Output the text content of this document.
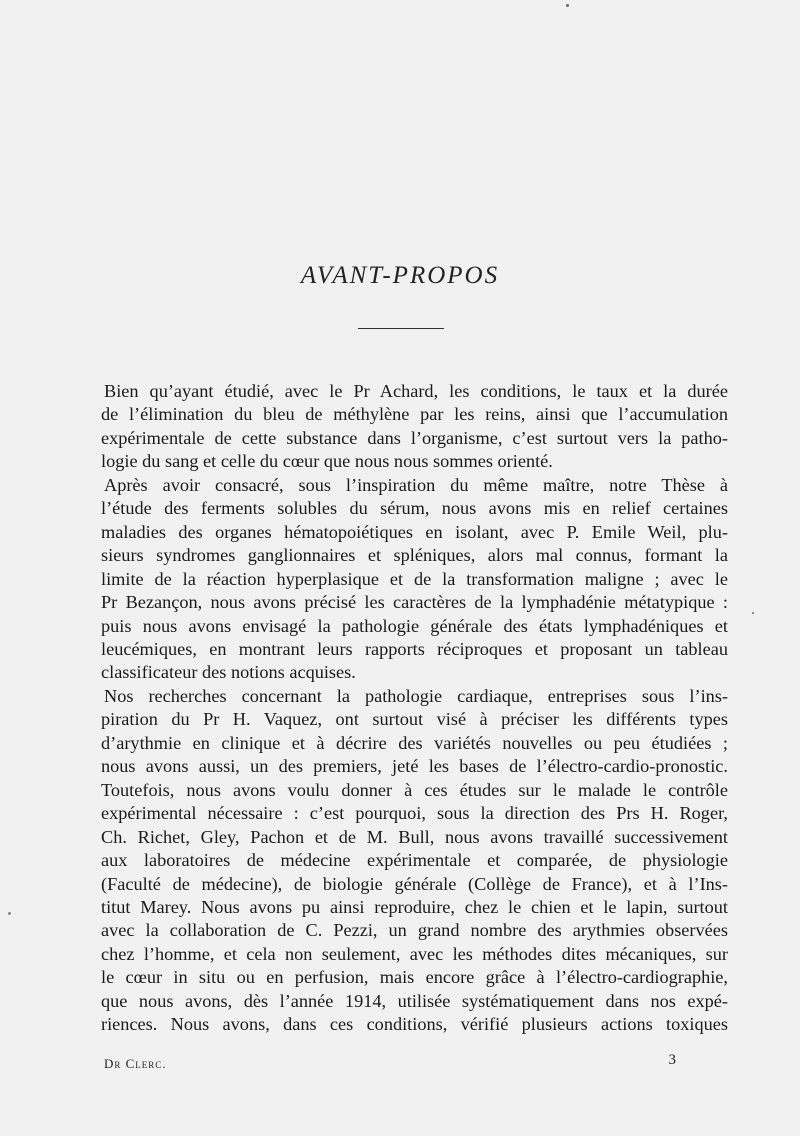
AVANT-PROPOS
Bien qu’ayant étudié, avec le Pr Achard, les conditions, le taux et la durée
de l’élimination du bleu de méthylène par les reins, ainsi que l’accumulation
expérimentale de cette substance dans l’organisme, c’est surtout vers la patho-
logie du sang et celle du cœur que nous nous sommes orienté.
Après avoir consacré, sous l’inspiration du même maître, notre Thèse à
l’étude des ferments solubles du sérum, nous avons mis en relief certaines
maladies des organes hématopoiétiques en isolant, avec P. Emile Weil, plu-
sieurs syndromes ganglionnaires et spléniques, alors mal connus, formant la
limite de la réaction hyperplasique et de la transformation maligne ; avec le
Pr Bezançon, nous avons précisé les caractères de la lymphadénie métatypique :
puis nous avons envisagé la pathologie générale des états lymphadéniques et
leucémiques, en montrant leurs rapports réciproques et proposant un tableau
classificateur des notions acquises.
Nos recherches concernant la pathologie cardiaque, entreprises sous l’ins-
piration du Pr H. Vaquez, ont surtout visé à préciser les différents types
d’arythmie en clinique et à décrire des variétés nouvelles ou peu étudiées ;
nous avons aussi, un des premiers, jeté les bases de l’électro-cardio-pronostic.
Toutefois, nous avons voulu donner à ces études sur le malade le contrôle
expérimental nécessaire : c’est pourquoi, sous la direction des Prs H. Roger,
Ch. Richet, Gley, Pachon et de M. Bull, nous avons travaillé successivement
aux laboratoires de médecine expérimentale et comparée, de physiologie
(Faculté de médecine), de biologie générale (Collège de France), et à l’Ins-
titut Marey. Nous avons pu ainsi reproduire, chez le chien et le lapin, surtout
avec la collaboration de C. Pezzi, un grand nombre des arythmies observées
chez l’homme, et cela non seulement, avec les méthodes dites mécaniques, sur
le cœur in situ ou en perfusion, mais encore grâce à l’électro-cardiographie,
que nous avons, dès l’année 1914, utilisée systématiquement dans nos expé-
riences. Nous avons, dans ces conditions, vérifié plusieurs actions toxiques
Dr Clerc.	3
